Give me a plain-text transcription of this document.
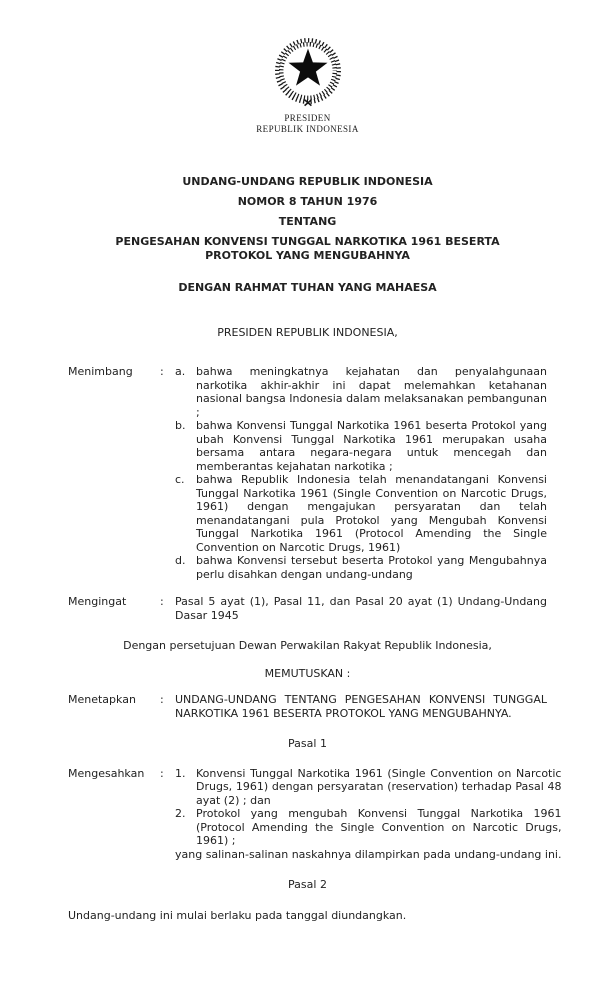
PRESIDEN
REPUBLIK INDONESIA
UNDANG-UNDANG REPUBLIK INDONESIA
NOMOR 8 TAHUN 1976
TENTANG
PENGESAHAN KONVENSI TUNGGAL NARKOTIKA 1961 BESERTA
PROTOKOL YANG MENGUBAHNYA
DENGAN RAHMAT TUHAN YANG MAHAESA
PRESIDEN REPUBLIK INDONESIA,
Menimbang	:	a. bahwa meningkatnya kejahatan dan penyalahgunaan narkotika akhir-akhir ini dapat melemahkan ketahanan nasional bangsa Indonesia dalam melaksanakan pembangunan ;
b. bahwa Konvensi Tunggal Narkotika 1961 beserta Protokol yang ubah Konvensi Tunggal Narkotika 1961 merupakan usaha bersama antara negara-negara untuk mencegah dan memberantas kejahatan narkotika ;
c.	bahwa Republik Indonesia telah menandatangani Konvensi Tunggal Narkotika 1961 (Single Convention on Narcotic Drugs, 1961) dengan mengajukan persyaratan dan telah menandatangani pula Protokol yang Mengubah Konvensi Tunggal Narkotika 1961 (Protocol Amending the Single Convention on Narcotic Drugs, 1961)
d. bahwa Konvensi tersebut beserta Protokol yang Mengubahnya perlu disahkan dengan undang-undang
Mengingat	:	Pasal 5 ayat (1), Pasal 11, dan Pasal 20 ayat (1) Undang-Undang Dasar 1945
Dengan persetujuan Dewan Perwakilan Rakyat Republik Indonesia,
MEMUTUSKAN :
Menetapkan	:	UNDANG-UNDANG TENTANG PENGESAHAN KONVENSI TUNGGAL NARKOTIKA 1961 BESERTA PROTOKOL YANG MENGUBAHNYA.
Pasal 1
Mengesahkan	:	1. Konvensi Tunggal Narkotika 1961 (Single Convention on Narcotic Drugs, 1961) dengan persyaratan (reservation) terhadap Pasal 48 ayat (2) ; dan
2. Protokol yang mengubah Konvensi Tunggal Narkotika 1961 (Protocol Amending the Single Convention on Narcotic Drugs, 1961) ;
yang salinan-salinan naskahnya dilampirkan pada undang-undang ini.
Pasal 2
Undang-undang ini mulai berlaku pada tanggal diundangkan.
